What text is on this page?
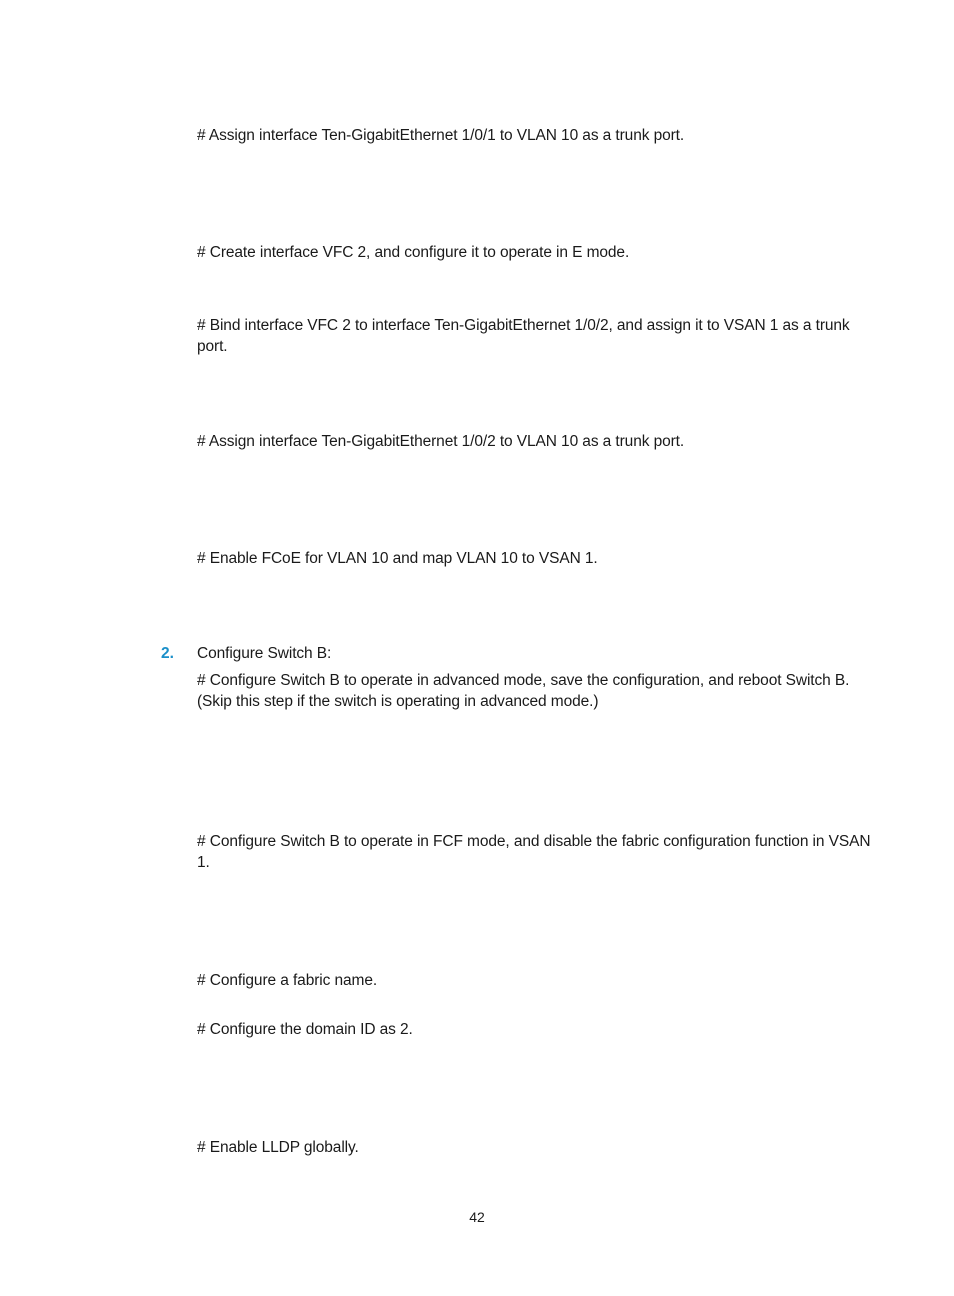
# Assign interface Ten-GigabitEthernet 1/0/1 to VLAN 10 as a trunk port.

# Create interface VFC 2, and configure it to operate in E mode.

# Bind interface VFC 2 to interface Ten-GigabitEthernet 1/0/2, and assign it to VSAN 1 as a trunk port.

# Assign interface Ten-GigabitEthernet 1/0/2 to VLAN 10 as a trunk port.

# Enable FCoE for VLAN 10 and map VLAN 10 to VSAN 1.

2. Configure Switch B:

# Configure Switch B to operate in advanced mode, save the configuration, and reboot Switch B. (Skip this step if the switch is operating in advanced mode.)

# Configure Switch B to operate in FCF mode, and disable the fabric configuration function in VSAN 1.

# Configure a fabric name.

# Configure the domain ID as 2.

# Enable LLDP globally.

42
